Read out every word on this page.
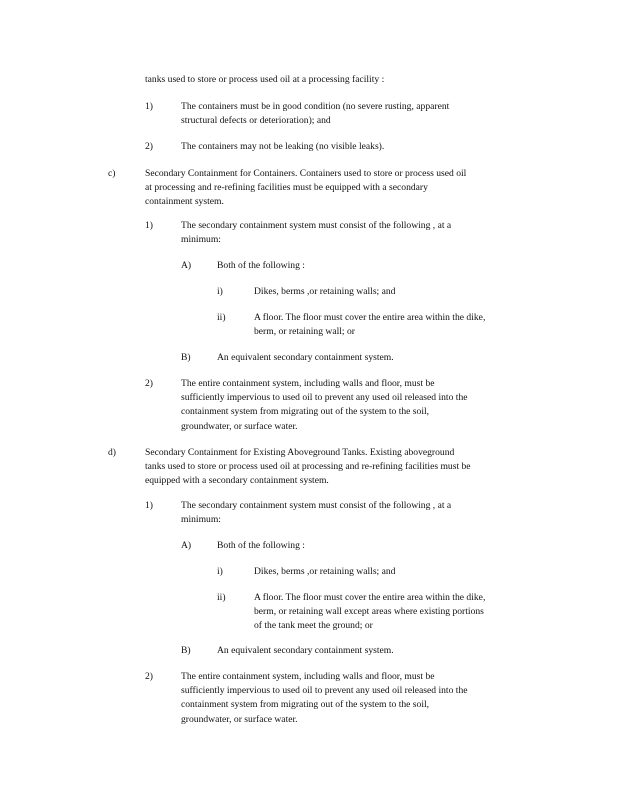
tanks used to store or process used oil at a processing facility :
1)	The containers must be in good condition (no severe rusting, apparent
structural defects or deterioration); and
2)	The containers may not be leaking (no visible leaks).
c)	Secondary Containment for Containers. Containers used to store or process used oil
at processing and re-refining facilities must be equipped with a secondary
containment system.
1)	The secondary containment system must consist of the following , at a
minimum:
A)	Both of the following :
i)	Dikes, berms ,or retaining walls; and
ii)	A floor. The floor must cover the entire area within the dike,
berm, or retaining wall; or
B)	An equivalent secondary containment system.
2)	The entire containment system, including walls and floor, must be
sufficiently impervious to used oil to prevent any used oil released into the
containment system from migrating out of the system to the soil,
groundwater, or surface water.
d)	Secondary Containment for Existing Aboveground Tanks. Existing aboveground
tanks used to store or process used oil at processing and re-refining facilities must be
equipped with a secondary containment system.
1)	The secondary containment system must consist of the following , at a
minimum:
A)	Both of the following :
i)	Dikes, berms ,or retaining walls; and
ii)	A floor. The floor must cover the entire area within the dike,
berm, or retaining wall except areas where existing portions
of the tank meet the ground; or
B)	An equivalent secondary containment system.
2)	The entire containment system, including walls and floor, must be
sufficiently impervious to used oil to prevent any used oil released into the
containment system from migrating out of the system to the soil,
groundwater, or surface water.
